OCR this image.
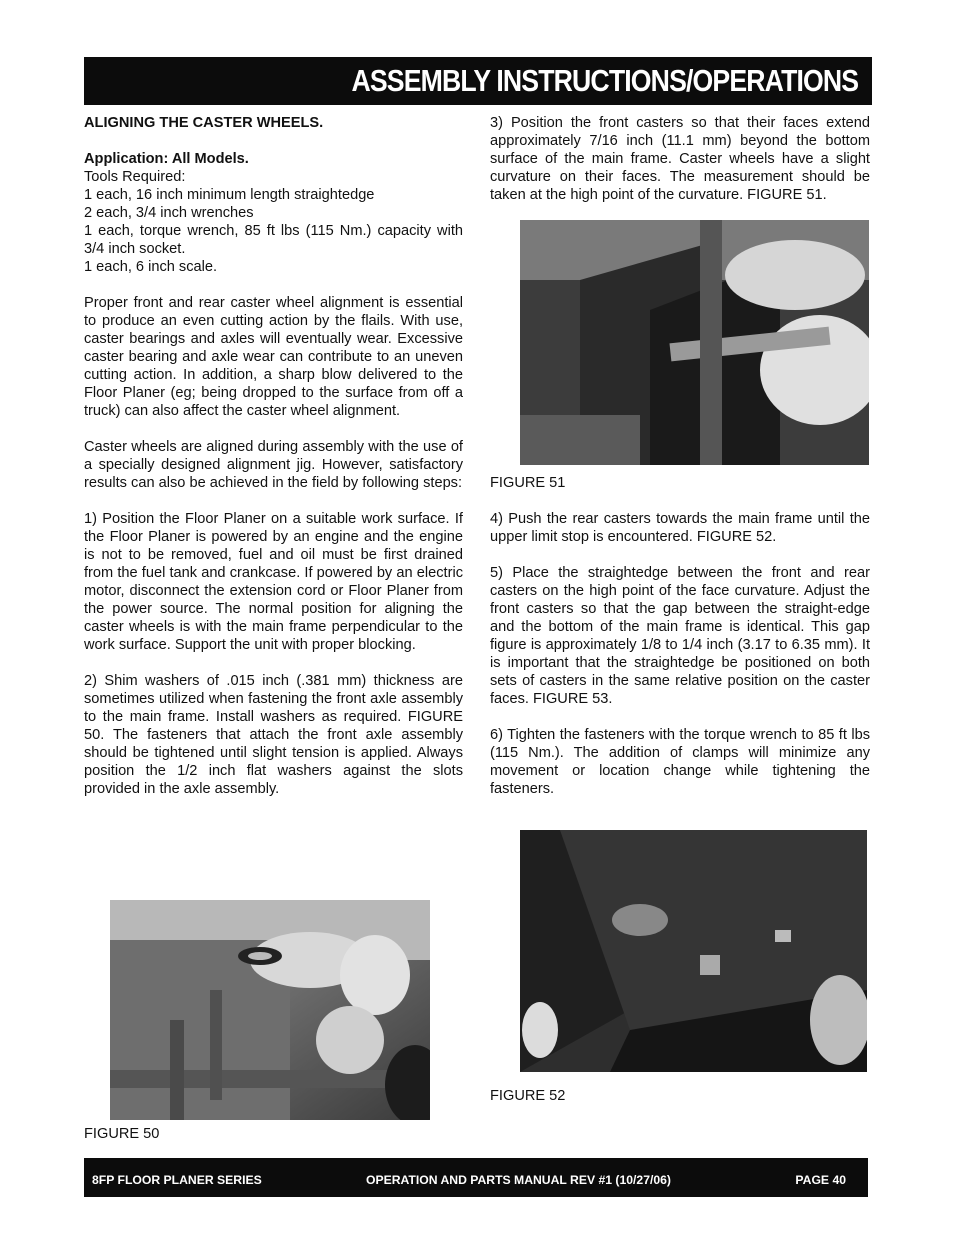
ASSEMBLY INSTRUCTIONS/OPERATIONS

ALIGNING THE CASTER WHEELS.

Application: All Models.
Tools Required:
1 each, 16 inch minimum length straightedge
2 each, 3/4 inch wrenches
1 each, torque wrench, 85 ft lbs (115 Nm.) capacity with 3/4 inch socket.
1 each, 6 inch scale.

Proper front and rear caster wheel alignment is essential to produce an even cutting action by the flails. With use, caster bearings and axles will eventually wear. Excessive caster bearing and axle wear can contribute to an uneven cutting action. In addition, a sharp blow delivered to the Floor Planer (eg; being dropped to the surface from off a truck) can also affect the caster wheel alignment.

Caster wheels are aligned during assembly with the use of a specially designed alignment jig. However, satisfactory results can also be achieved in the field by following steps:

1) Position the Floor Planer on a suitable work surface. If the Floor Planer is powered by an engine and the engine is not to be removed, fuel and oil must be first drained from the fuel tank and crankcase. If powered by an electric motor, disconnect the extension cord or Floor Planer from the power source. The normal position for aligning the caster wheels is with the main frame perpendicular to the work surface. Support the unit with proper blocking.

2) Shim washers of .015 inch (.381 mm) thickness are sometimes utilized when fastening the front axle assembly to the main frame. Install washers as required. FIGURE 50. The fasteners that attach the front axle assembly should be tightened until slight tension is applied. Always position the 1/2 inch flat washers against the slots provided in the axle assembly.

FIGURE 50

3) Position the front casters so that their faces extend approximately 7/16 inch (11.1 mm) beyond the bottom surface of the main frame. Caster wheels have a slight curvature on their faces. The measurement should be taken at the high point of the curvature. FIGURE 51.

FIGURE 51

4) Push the rear casters towards the main frame until the upper limit stop is encountered. FIGURE 52.

5) Place the straightedge between the front and rear casters on the high point of the face curvature. Adjust the front casters so that the gap between the straight-edge and the bottom of the main frame is identical. This gap figure is approximately 1/8 to 1/4 inch (3.17 to 6.35 mm). It is important that the straightedge be positioned on both sets of casters in the same relative position on the caster faces. FIGURE 53.

6) Tighten the fasteners with the torque wrench to 85 ft lbs (115 Nm.). The addition of clamps will minimize any movement or location change while tightening the fasteners.

FIGURE 52
8FP FLOOR PLANER SERIES	OPERATION AND PARTS MANUAL REV #1 (10/27/06)	PAGE 40
